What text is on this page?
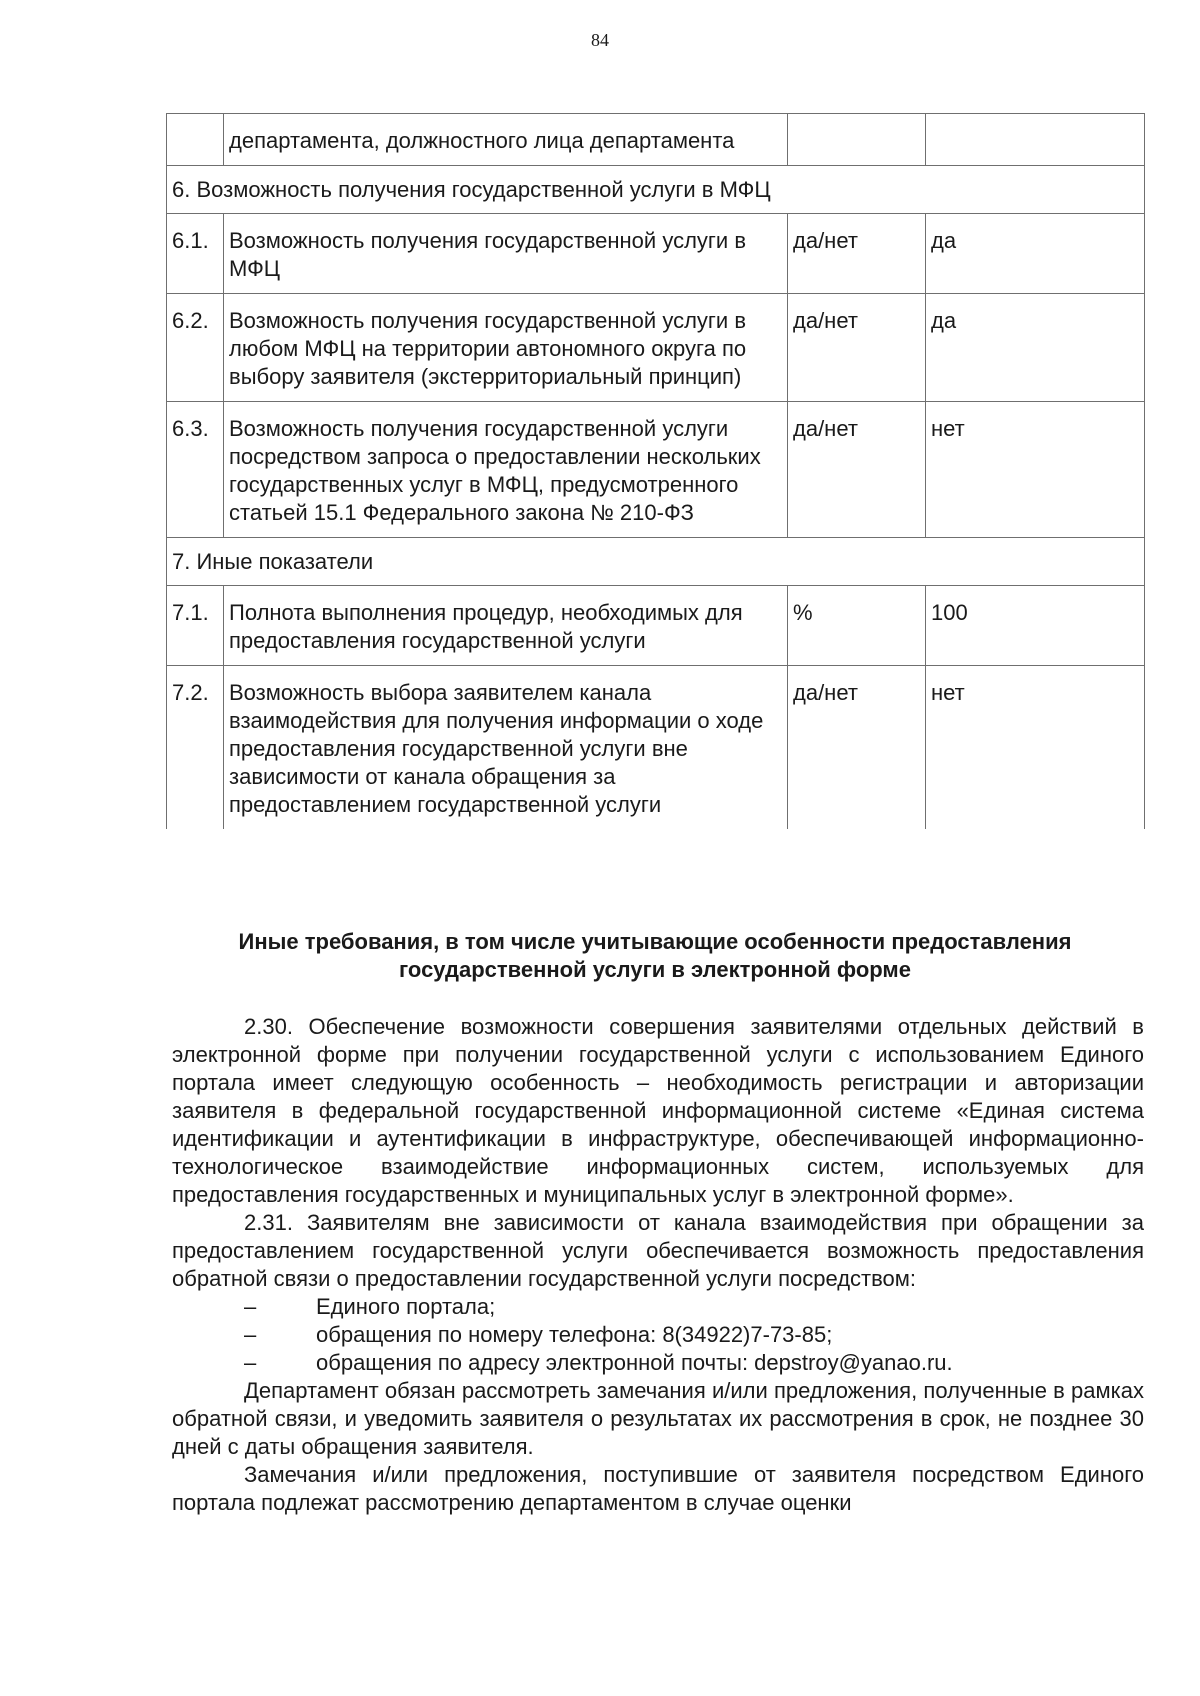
84
	департамента, должностного лица департамента		
6. Возможность получения государственной услуги в МФЦ			
6.1.	Возможность получения государственной услуги в МФЦ	да/нет	да
6.2.	Возможность получения государственной услуги в любом МФЦ на территории автономного округа по выбору заявителя (экстерриториальный принцип)	да/нет	да
6.3.	Возможность получения государственной услуги посредством запроса о предоставлении нескольких государственных услуг в МФЦ, предусмотренного статьей 15.1 Федерального закона № 210-ФЗ	да/нет	нет
7. Иные показатели			
7.1.	Полнота выполнения процедур, необходимых для предоставления государственной услуги	%	100
7.2.	Возможность выбора заявителем канала взаимодействия для получения информации о ходе предоставления государственной услуги вне зависимости от канала обращения за предоставлением государственной услуги	да/нет	нет
Иные требования, в том числе учитывающие особенности предоставления государственной услуги в электронной форме

2.30. Обеспечение возможности совершения заявителями отдельных действий в электронной форме при получении государственной услуги с использованием Единого портала имеет следующую особенность – необходимость регистрации и авторизации заявителя в федеральной государственной информационной системе «Единая система идентификации и аутентификации в инфраструктуре, обеспечивающей информационно-технологическое взаимодействие информационных систем, используемых для предоставления государственных и муниципальных услуг в электронной форме».

2.31. Заявителям вне зависимости от канала взаимодействия при обращении за предоставлением государственной услуги обеспечивается возможность предоставления обратной связи о предоставлении государственной услуги посредством:

–	Единого портала;
–	обращения по номеру телефона: 8(34922)7-73-85;
–	обращения по адресу электронной почты: depstroy@yanao.ru.

Департамент обязан рассмотреть замечания и/или предложения, полученные в рамках обратной связи, и уведомить заявителя о результатах их рассмотрения в срок, не позднее 30 дней с даты обращения заявителя.

Замечания и/или предложения, поступившие от заявителя посредством Единого портала подлежат рассмотрению департаментом в случае оценки
